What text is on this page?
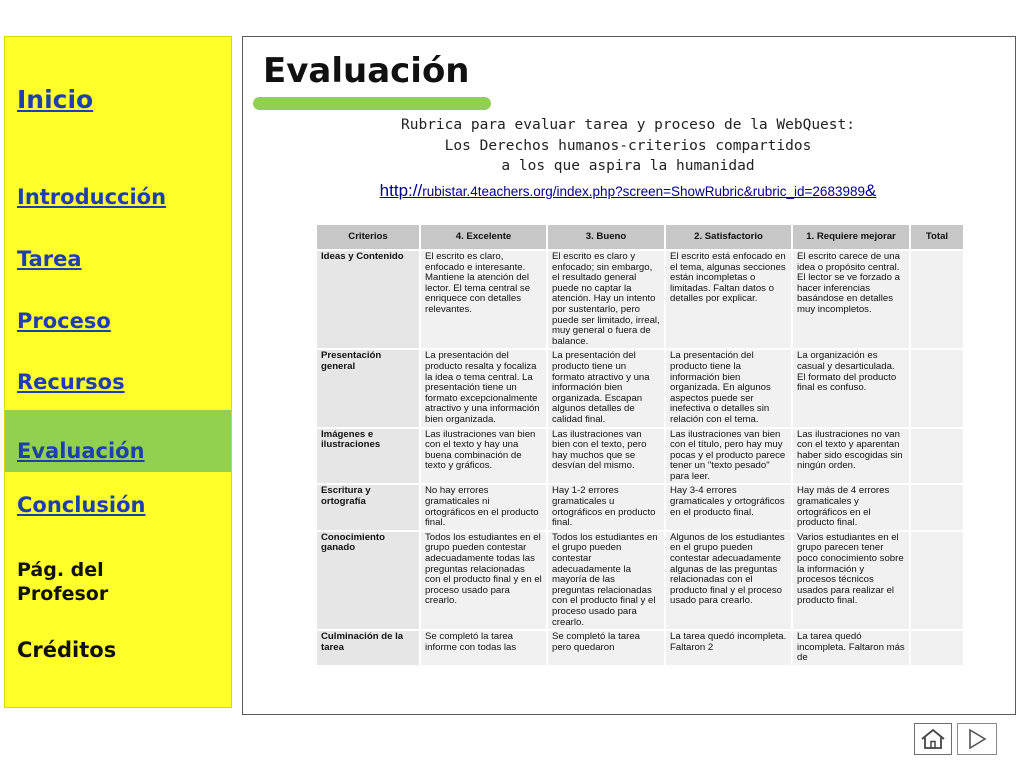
Inicio
Introducción
Tarea
Proceso
Recursos
Evaluación
Conclusión
Pág. del
Profesor
Créditos
Evaluación
Rubrica para evaluar tarea y proceso de la WebQuest:
Los Derechos humanos-criterios compartidos
a los que aspira la humanidad
http://rubistar.4teachers.org/index.php?screen=ShowRubric&rubric_id=2683989&
Criterios	4. Excelente	3. Bueno	2. Satisfactorio	1. Requiere mejorar	Total
Ideas y Contenido	El escrito es claro, enfocado e interesante. Mantiene la atención del lector. El tema central se enriquece con detalles relevantes.	El escrito es claro y enfocado; sin embargo, el resultado general puede no captar la atención. Hay un intento por sustentarlo, pero puede ser limitado, irreal, muy general o fuera de balance.	El escrito está enfocado en el tema, algunas secciones están incompletas o limitadas. Faltan datos o detalles por explicar.	El escrito carece de una idea o propósito central. El lector se ve forzado a hacer inferencias basándose en detalles muy incompletos.	
Presentación general	La presentación del producto resalta y focaliza la idea o tema central. La presentación tiene un formato excepcionalmente atractivo y una información bien organizada.	La presentación del producto tiene un formato atractivo y una información bien organizada. Escapan algunos detalles de calidad final.	La presentación del producto tiene la información bien organizada. En algunos aspectos puede ser inefectiva o detalles sin relación con el tema.	La organización es casual y desarticulada. El formato del producto final es confuso.	
Imágenes e ilustraciones	Las ilustraciones van bien con el texto y hay una buena combinación de texto y gráficos.	Las ilustraciones van bien con el texto, pero hay muchos que se desvían del mismo.	Las ilustraciones van bien con el título, pero hay muy pocas y el producto parece tener un "texto pesado" para leer.	Las ilustraciones no van con el texto y aparentan haber sido escogidas sin ningún orden.	
Escritura y ortografía	No hay errores gramaticales ni ortográficos en el producto final.	Hay 1-2 errores gramaticales u ortográficos en producto final.	Hay 3-4 errores gramaticales y ortográficos en el producto final.	Hay más de 4 errores gramaticales y ortográficos en el producto final.	
Conocimiento ganado	Todos los estudiantes en el grupo pueden contestar adecuadamente todas las preguntas relacionadas con el producto final y en el proceso usado para crearlo.	Todos los estudiantes en el grupo pueden contestar adecuadamente la mayoría de las preguntas relacionadas con el producto final y el proceso usado para crearlo.	Algunos de los estudiantes en el grupo pueden contestar adecuadamente algunas de las preguntas relacionadas con el producto final y el proceso usado para crearlo.	Varios estudiantes en el grupo parecen tener poco conocimiento sobre la información y procesos técnicos usados para realizar el producto final.	
Culminación de la tarea	Se completó la tarea informe con todas las	Se completó la tarea pero quedaron	La tarea quedó incompleta. Faltaron 2	La tarea quedó incompleta. Faltaron más de	
